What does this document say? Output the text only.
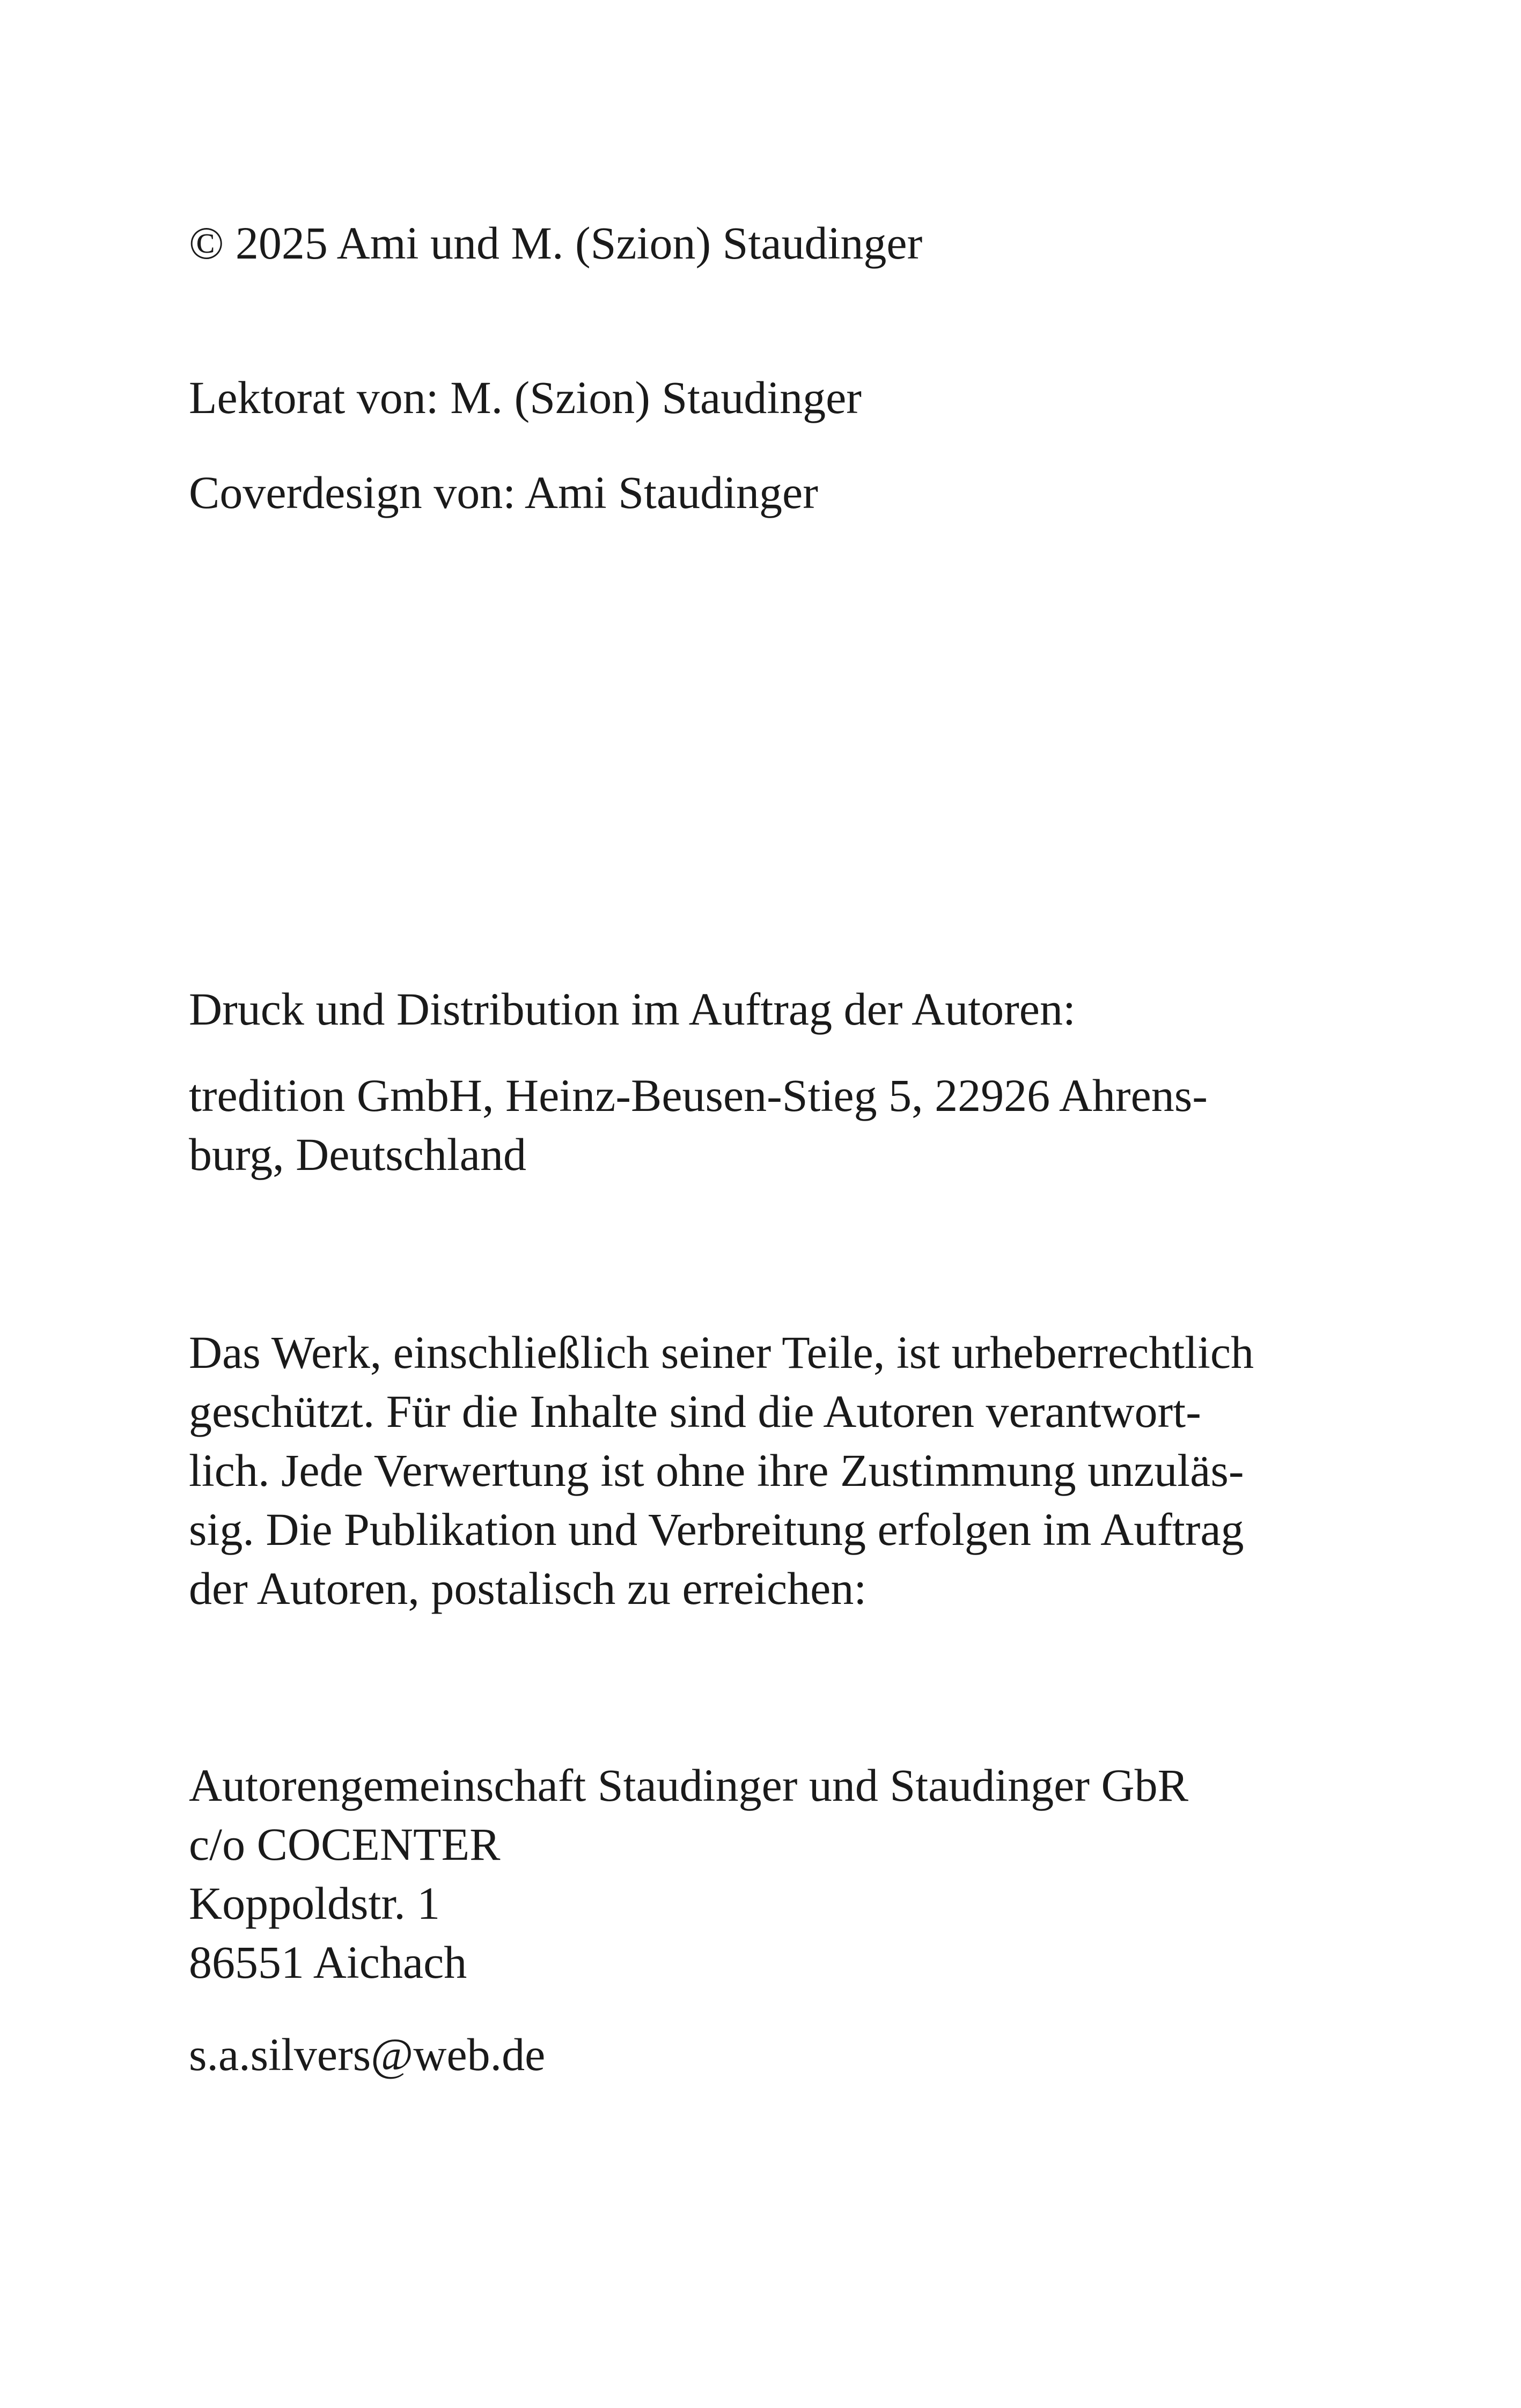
© 2025 Ami und M. (Szion) Staudinger

Lektorat von: M. (Szion) Staudinger

Coverdesign von: Ami Staudinger

Druck und Distribution im Auftrag der Autoren:

tredition GmbH, Heinz-Beusen-Stieg 5, 22926 Ahrens-

burg, Deutschland

Das Werk, einschließlich seiner Teile, ist urheberrechtlich

geschützt. Für die Inhalte sind die Autoren verantwort-

lich. Jede Verwertung ist ohne ihre Zustimmung unzuläs-

sig. Die Publikation und Verbreitung erfolgen im Auftrag

der Autoren, postalisch zu erreichen:

Autorengemeinschaft Staudinger und Staudinger GbR

c/o COCENTER

Koppoldstr. 1

86551 Aichach

s.a.silvers@web.de
